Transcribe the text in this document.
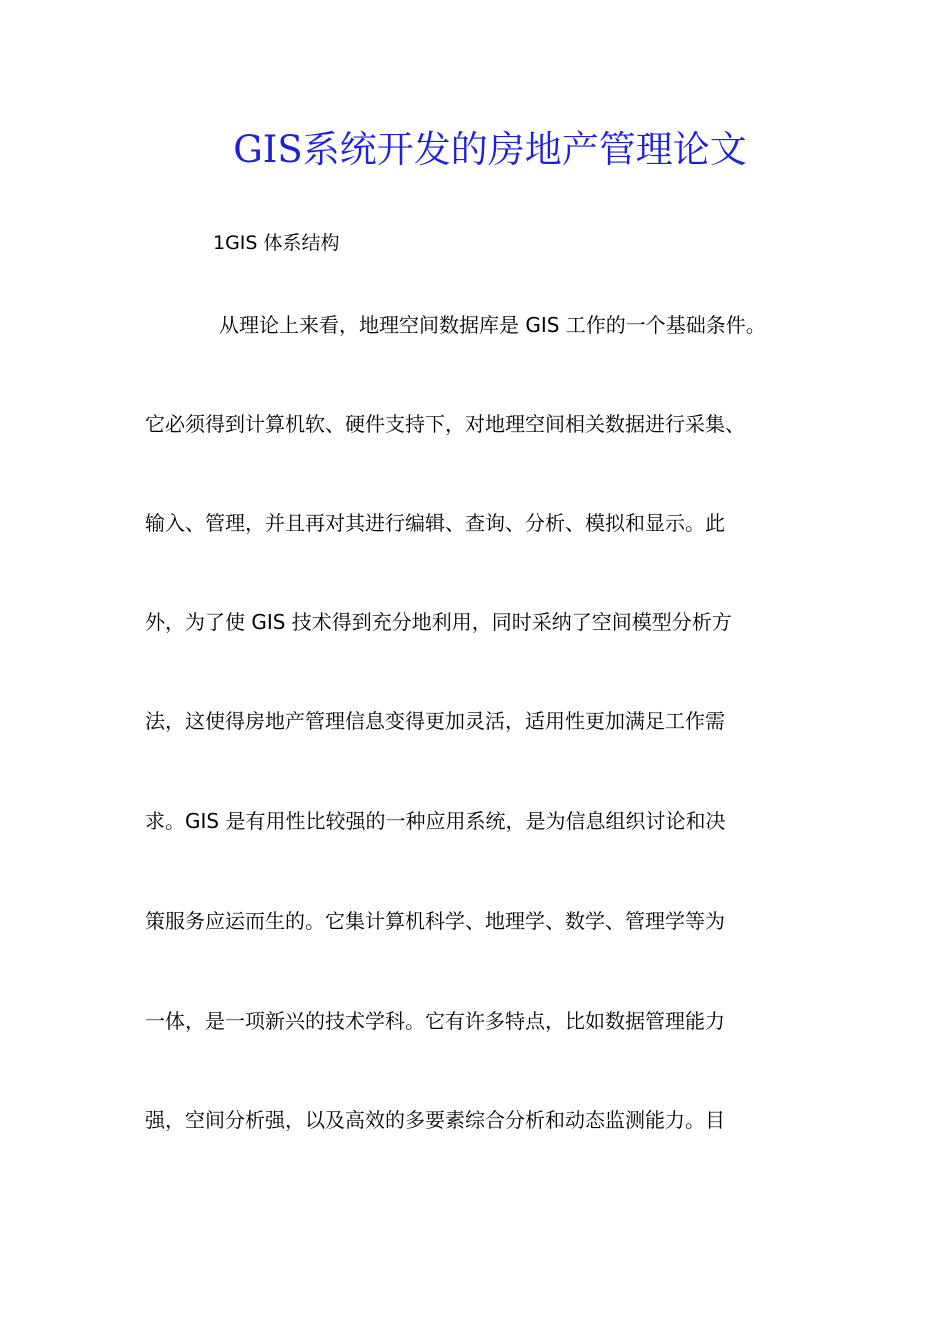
GIS系统开发的房地产管理论文
1GIS 体系结构
从理论上来看，地理空间数据库是 GIS 工作的一个基础条件。
它必须得到计算机软、硬件支持下，对地理空间相关数据进行采集、
输入、管理，并且再对其进行编辑、查询、分析、模拟和显示。此
外，为了使 GIS 技术得到充分地利用，同时采纳了空间模型分析方
法，这使得房地产管理信息变得更加灵活，适用性更加满足工作需
求。GIS 是有用性比较强的一种应用系统，是为信息组织讨论和决
策服务应运而生的。它集计算机科学、地理学、数学、管理学等为
一体，是一项新兴的技术学科。它有许多特点，比如数据管理能力
强，空间分析强，以及高效的多要素综合分析和动态监测能力。目
